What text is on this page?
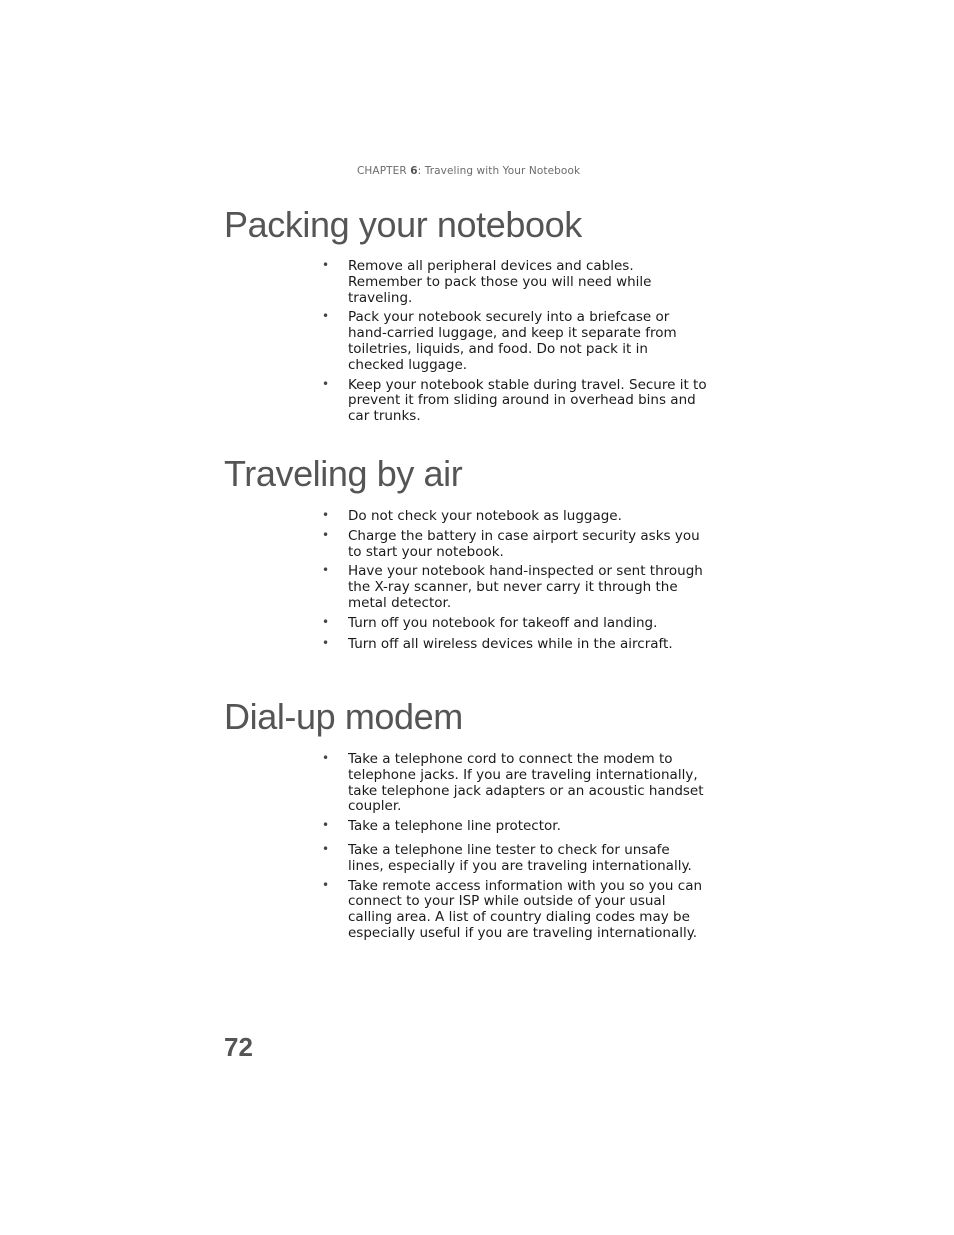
CHAPTER 6: Traveling with Your Notebook
Packing your notebook
• Remove all peripheral devices and cables. Remember to pack those you will need while traveling.
• Pack your notebook securely into a briefcase or hand-carried luggage, and keep it separate from toiletries, liquids, and food. Do not pack it in checked luggage.
• Keep your notebook stable during travel. Secure it to prevent it from sliding around in overhead bins and car trunks.
Traveling by air
• Do not check your notebook as luggage.
• Charge the battery in case airport security asks you to start your notebook.
• Have your notebook hand-inspected or sent through the X-ray scanner, but never carry it through the metal detector.
• Turn off you notebook for takeoff and landing.
• Turn off all wireless devices while in the aircraft.
Dial-up modem
• Take a telephone cord to connect the modem to telephone jacks. If you are traveling internationally, take telephone jack adapters or an acoustic handset coupler.
• Take a telephone line protector.
• Take a telephone line tester to check for unsafe lines, especially if you are traveling internationally.
• Take remote access information with you so you can connect to your ISP while outside of your usual calling area. A list of country dialing codes may be especially useful if you are traveling internationally.
72
